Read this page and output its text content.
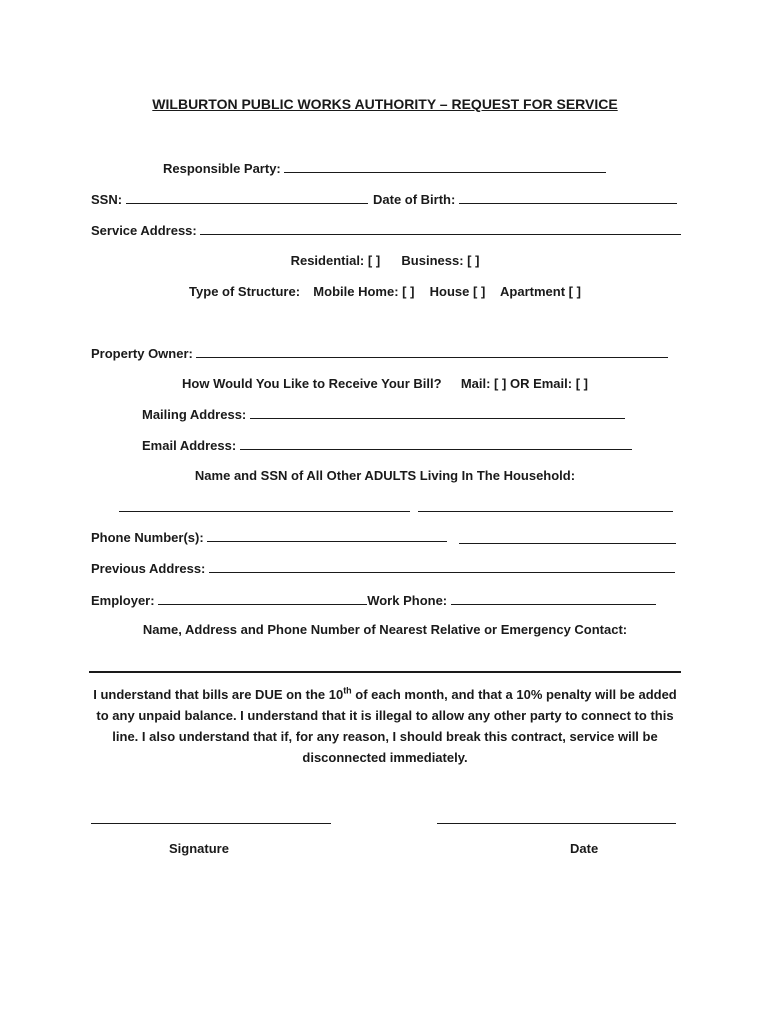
WILBURTON PUBLIC WORKS AUTHORITY – REQUEST FOR SERVICE
Responsible Party:
SSN:	Date of Birth:
Service Address:
Residential: [ ] Business: [ ]
Type of Structure: Mobile Home: [ ] House [ ] Apartment [ ]
Property Owner:
How Would You Like to Receive Your Bill? Mail: [ ] OR Email: [ ]
Mailing Address:
Email Address:
Name and SSN of All Other ADULTS Living In The Household:
Phone Number(s):
Previous Address:
Employer:	Work Phone:
Name, Address and Phone Number of Nearest Relative or Emergency Contact:
I understand that bills are DUE on the 10th of each month, and that a 10% penalty will be added to any unpaid balance. I understand that it is illegal to allow any other party to connect to this line. I also understand that if, for any reason, I should break this contract, service will be disconnected immediately.
Signature	Date
